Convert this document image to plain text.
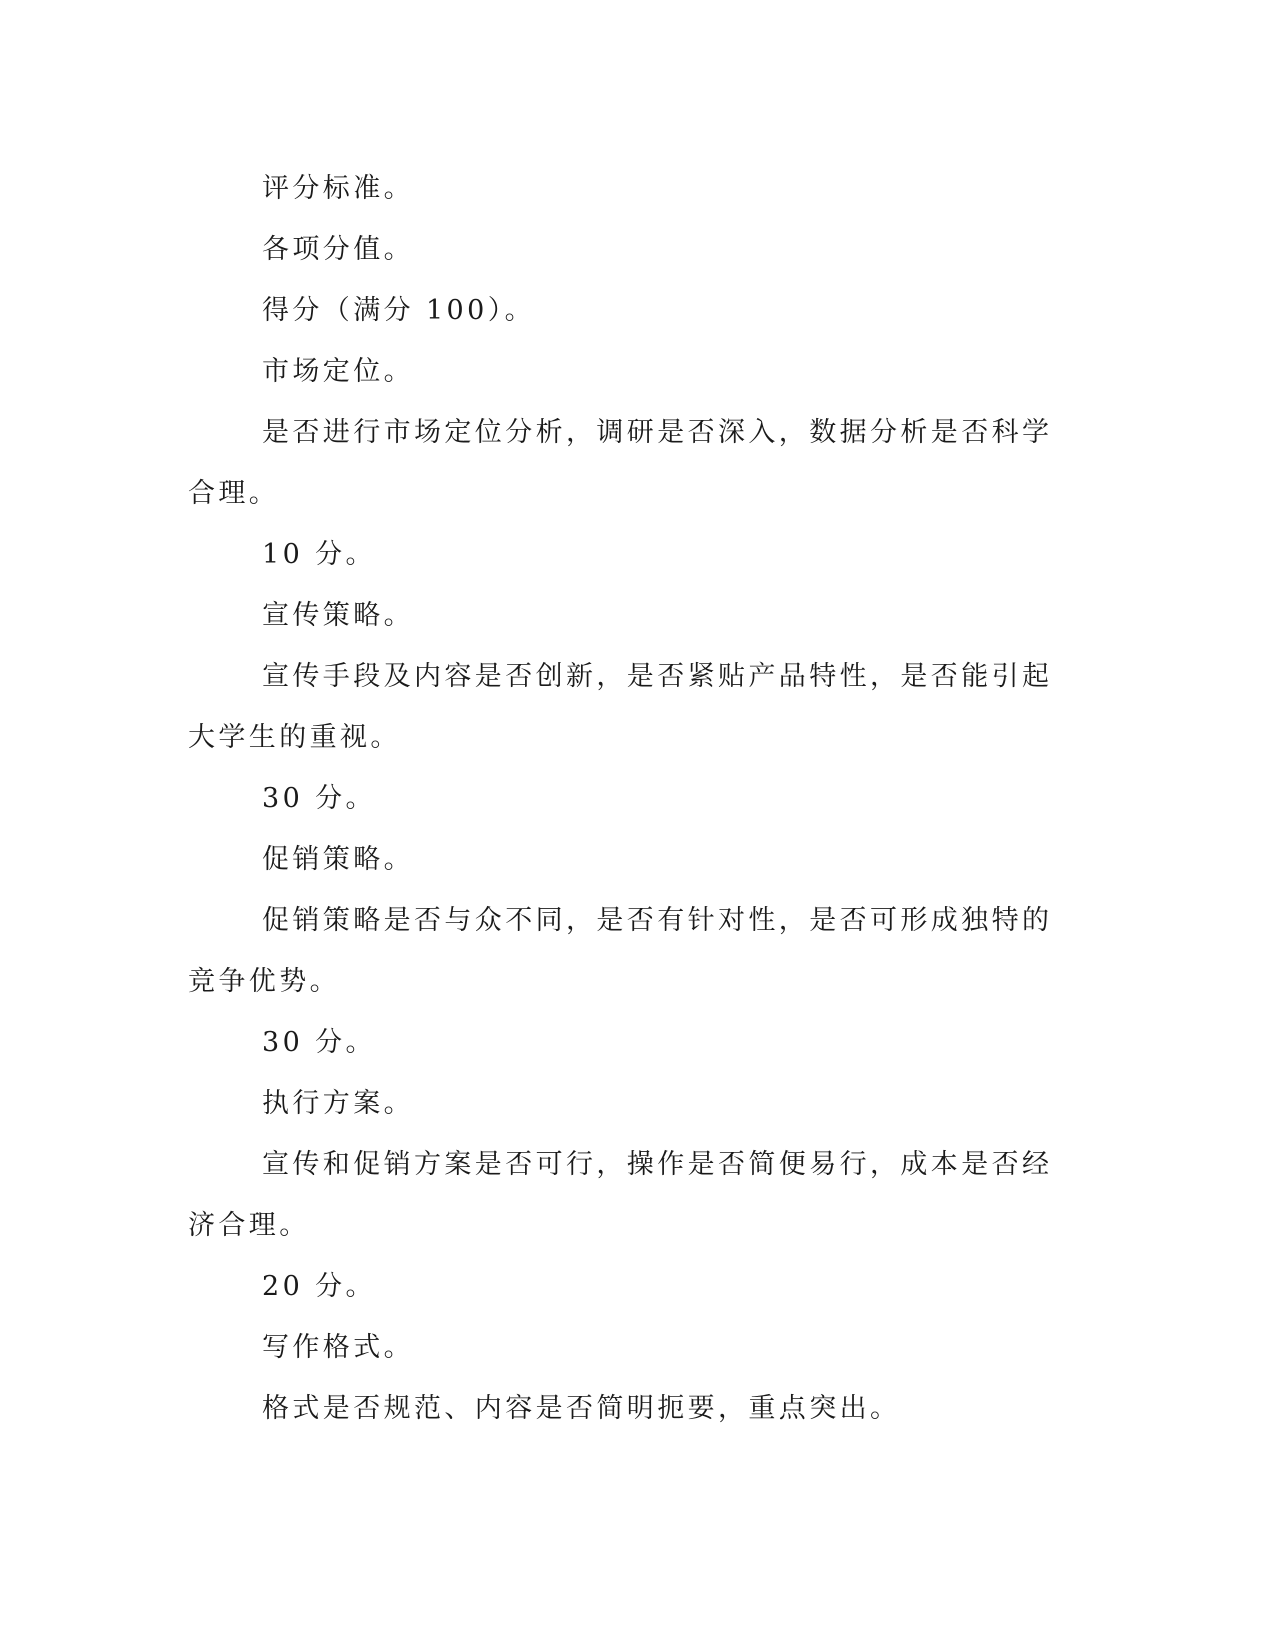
评分标准。

各项分值。

得分（满分 100）。

市场定位。

是否进行市场定位分析，调研是否深入，数据分析是否科学合理。

10 分。

宣传策略。

宣传手段及内容是否创新，是否紧贴产品特性，是否能引起大学生的重视。

30 分。

促销策略。

促销策略是否与众不同，是否有针对性，是否可形成独特的竞争优势。

30 分。

执行方案。

宣传和促销方案是否可行，操作是否简便易行，成本是否经济合理。

20 分。

写作格式。

格式是否规范、内容是否简明扼要，重点突出。
